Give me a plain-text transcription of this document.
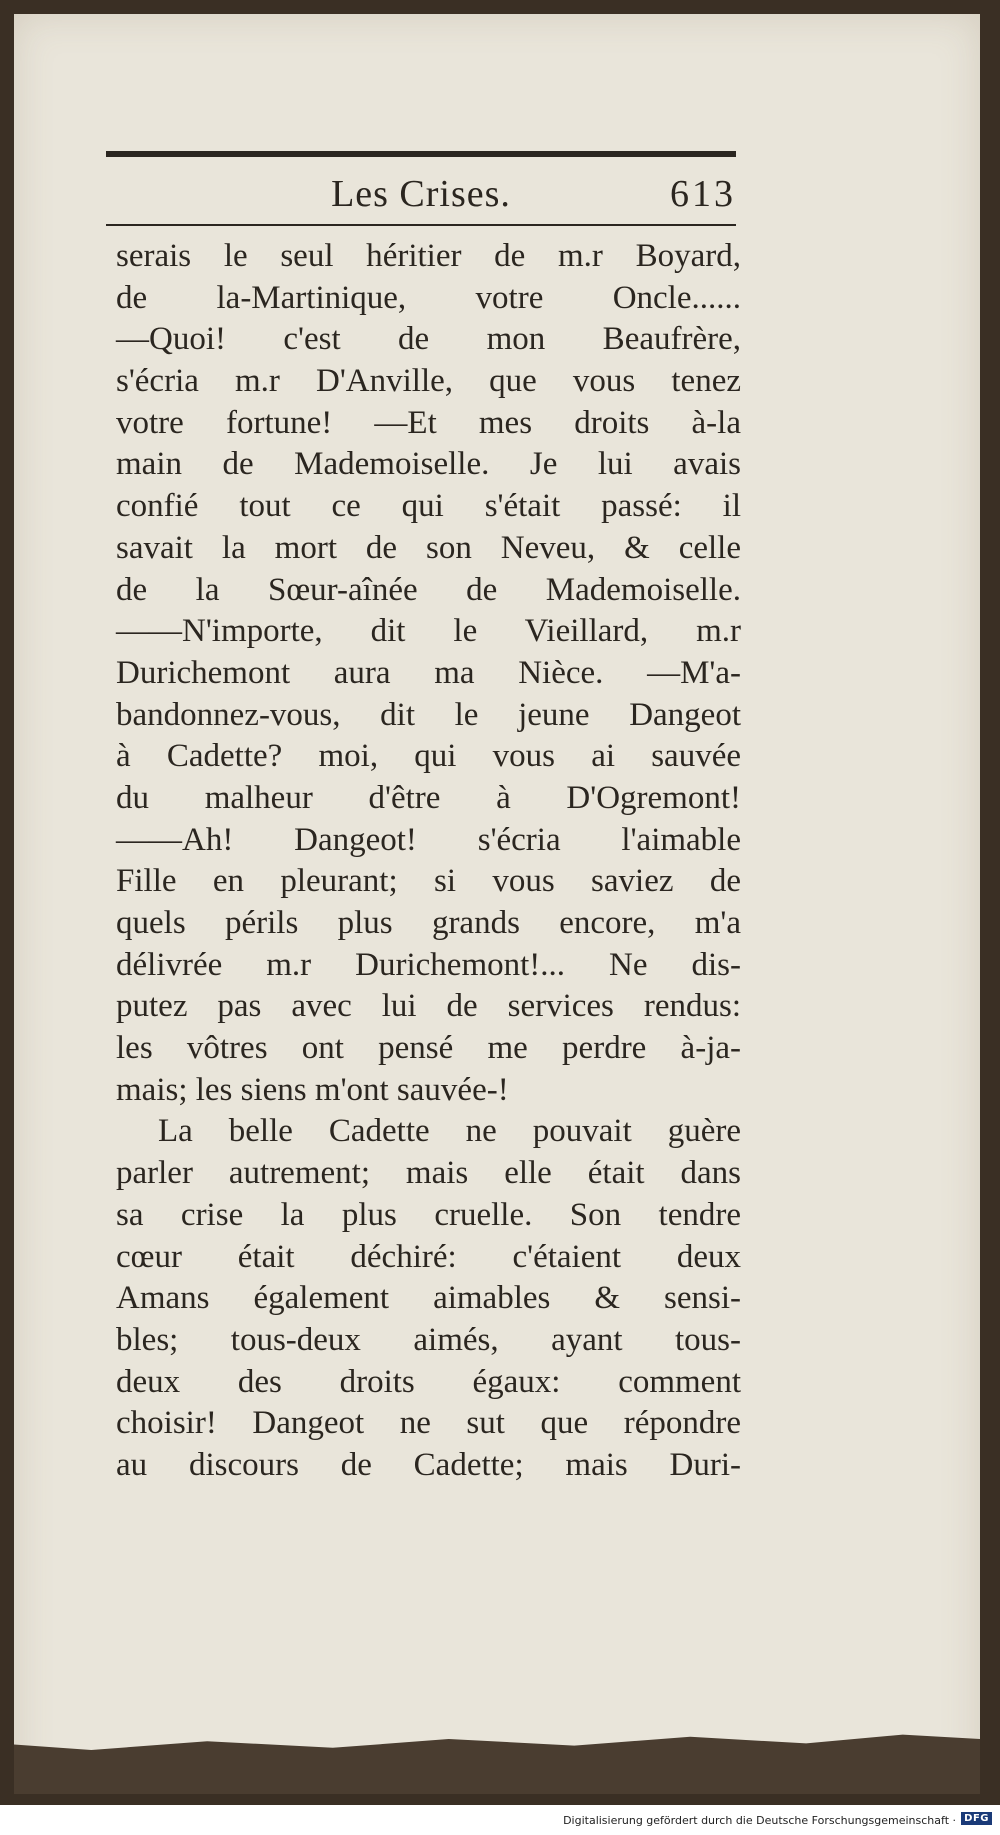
Les Crises.	613
serais le seul héritier de m.r Boyard,
de la-Martinique, votre Oncle......
—Quoi! c'est de mon Beaufrère,
s'écria m.r D'Anville, que vous tenez
votre fortune! —Et mes droits à-la
main de Mademoiselle. Je lui avais
confié tout ce qui s'était passé: il
savait la mort de son Neveu, & celle
de la Sœur-aînée de Mademoiselle.
——N'importe, dit le Vieillard, m.r
Durichemont aura ma Nièce. —M'a-
bandonnez-vous, dit le jeune Dangeot
à Cadette? moi, qui vous ai sauvée
du malheur d'être à D'Ogremont!
——Ah! Dangeot! s'écria l'aimable
Fille en pleurant; si vous saviez de
quels périls plus grands encore, m'a
délivrée m.r Durichemont!... Ne dis-
putez pas avec lui de services rendus:
les vôtres ont pensé me perdre à-ja-
mais; les siens m'ont sauvée-!
La belle Cadette ne pouvait guère
parler autrement; mais elle était dans
sa crise la plus cruelle. Son tendre
cœur était déchiré: c'étaient deux
Amans également aimables & sensi-
bles; tous-deux aimés, ayant tous-
deux des droits égaux: comment
choisir! Dangeot ne sut que répondre
au discours de Cadette; mais Duri-
Digitalisierung gefördert durch die Deutsche Forschungsgemeinschaft · DFG
